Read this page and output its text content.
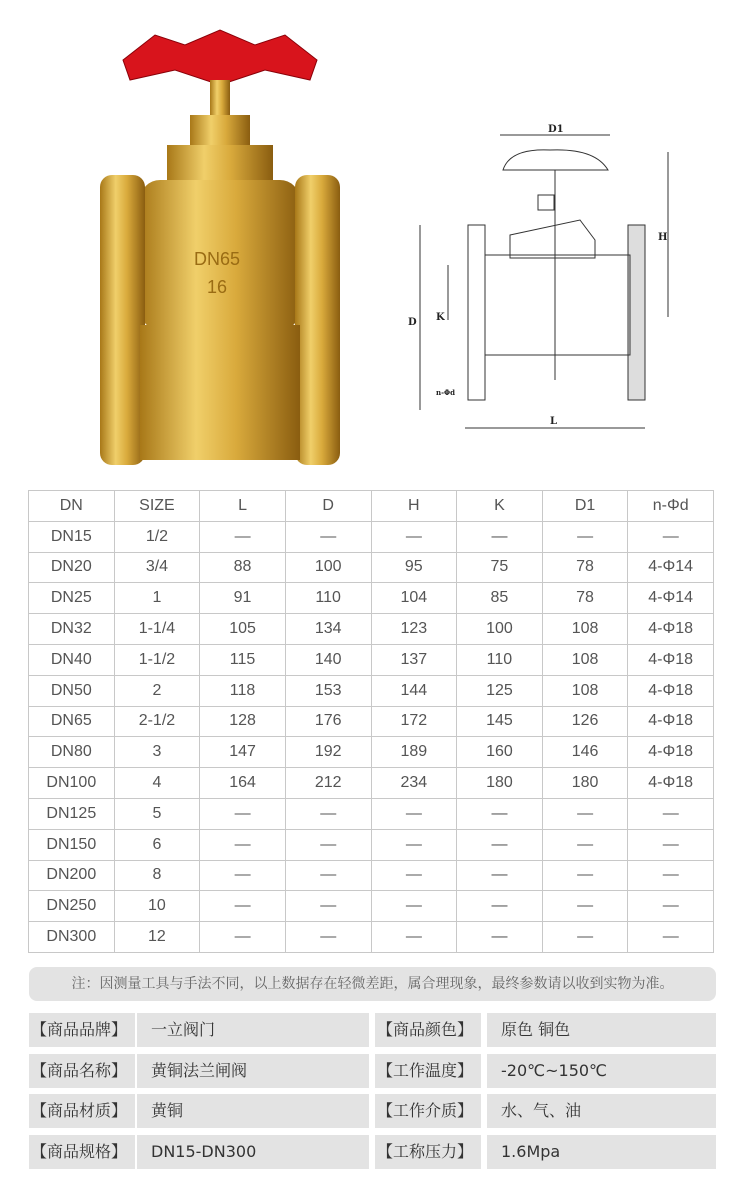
DN65
16
D1
H
D K
L
n-Φd
DN	SIZE	L	D	H	K	D1	n-Φd
DN15	1/2	—	—	—	—	—	—
DN20	3/4	88	100	95	75	78	4-Φ14
DN25	1	91	110	104	85	78	4-Φ14
DN32	1-1/4	105	134	123	100	108	4-Φ18
DN40	1-1/2	115	140	137	110	108	4-Φ18
DN50	2	118	153	144	125	108	4-Φ18
DN65	2-1/2	128	176	172	145	126	4-Φ18
DN80	3	147	192	189	160	146	4-Φ18
DN100	4	164	212	234	180	180	4-Φ18
DN125	5	—	—	—	—	—	—
DN150	6	—	—	—	—	—	—
DN200	8	—	—	—	—	—	—
DN250	10	—	—	—	—	—	—
DN300	12	—	—	—	—	—	—
注：因测量工具与手法不同，以上数据存在轻微差距，属合理现象，最终参数请以收到实物为准。
【商品品牌】	一立阀门	【商品颜色】	原色 铜色
【商品名称】	黄铜法兰闸阀	【工作温度】	-20℃~150℃
【商品材质】	黄铜	【工作介质】	水、气、油
【商品规格】	DN15-DN300	【工称压力】	1.6Mpa
